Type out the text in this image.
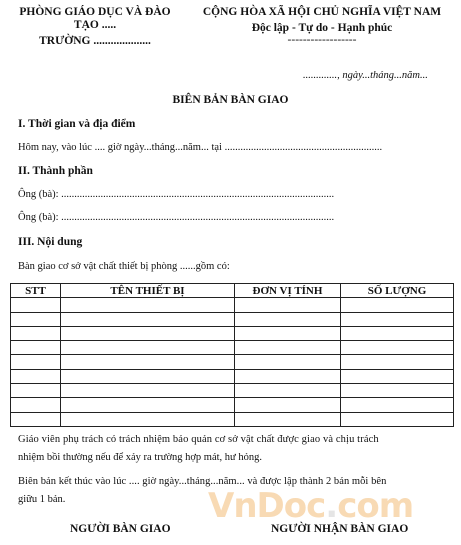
PHÒNG GIÁO DỤC VÀ ĐÀO
TẠO .....
TRƯỜNG ....................
CỘNG HÒA XÃ HỘI CHỦ NGHĨA VIỆT NAM
Độc lập - Tự do - Hạnh phúc
------------------
............., ngày...tháng...năm...
BIÊN BẢN BÀN GIAO
I. Thời gian và địa điểm
Hôm nay, vào lúc .... giờ ngày...tháng...năm... tại ............................................................
II. Thành phần
Ông (bà): ........................................................................................................
Ông (bà): ........................................................................................................
III. Nội dung
Bàn giao cơ sở vật chất thiết bị phòng ......gồm có:
STT	TÊN THIẾT BỊ	ĐƠN VỊ TÍNH	SỐ LƯỢNG

Giáo viên phụ trách có trách nhiệm bảo quản cơ sở vật chất được giao và chịu trách
nhiệm bồi thường nếu để xảy ra trường hợp mát, hư hỏng.
Biên bản kết thúc vào lúc .... giờ ngày...tháng...năm... và được lập thành 2 bản mỗi bên
giữu 1 bản.
NGƯỜI BÀN GIAO	NGƯỜI NHẬN BÀN GIAO
VnDoc.com
